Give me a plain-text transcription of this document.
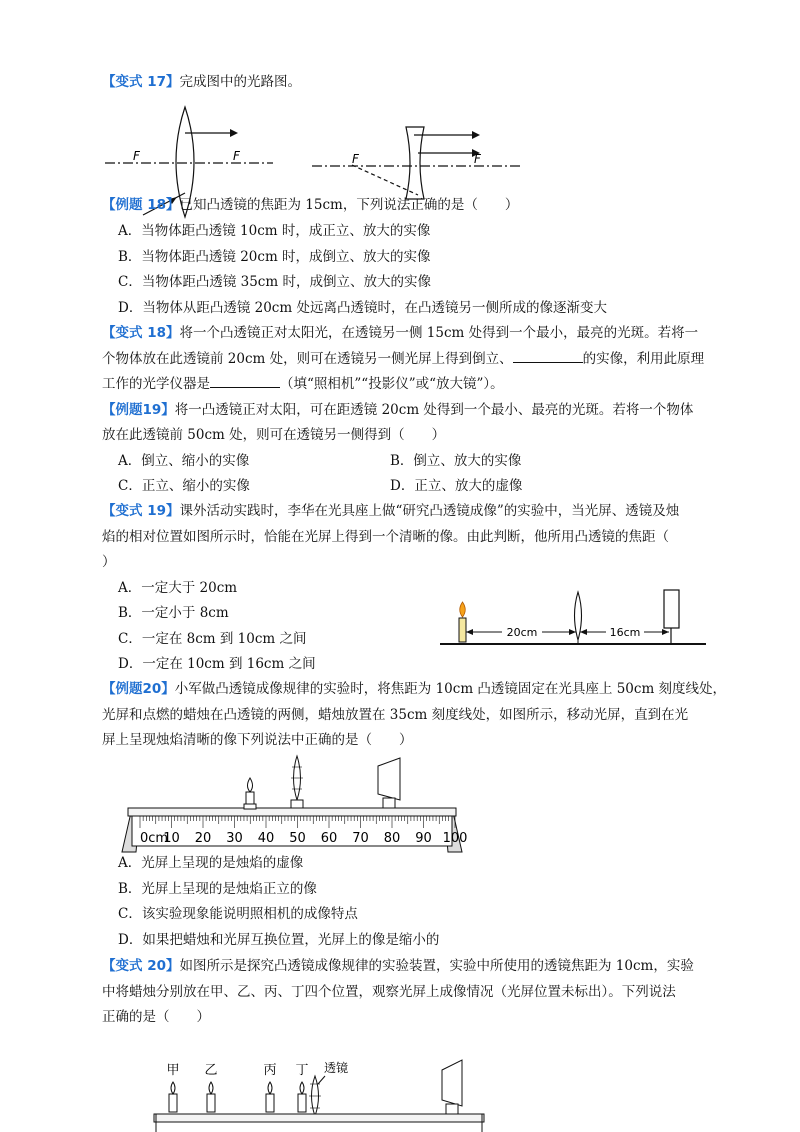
【变式 17】完成图中的光路图。
F	F	F	F
【例题 18】已知凸透镜的焦距为 15cm，下列说法正确的是（　　）
A．当物体距凸透镜 10cm 时，成正立、放大的实像
B．当物体距凸透镜 20cm 时，成倒立、放大的实像
C．当物体距凸透镜 35cm 时，成倒立、放大的实像
D．当物体从距凸透镜 20cm 处远离凸透镜时，在凸透镜另一侧所成的像逐渐变大
【变式 18】将一个凸透镜正对太阳光，在透镜另一侧 15cm 处得到一个最小，最亮的光斑。若将一
个物体放在此透镜前 20cm 处，则可在透镜另一侧光屏上得到倒立、	的实像，利用此原理
工作的光学仪器是	（填“照相机”“投影仪”或“放大镜”）。
【例题19】将一凸透镜正对太阳，可在距透镜 20cm 处得到一个最小、最亮的光斑。若将一个物体
放在此透镜前 50cm 处，则可在透镜另一侧得到（　　）
A．倒立、缩小的实像	B．倒立、放大的实像
C．正立、缩小的实像	D．正立、放大的虚像
【变式 19】课外活动实践时，李华在光具座上做“研究凸透镜成像”的实验中，当光屏、透镜及烛
焰的相对位置如图所示时，恰能在光屏上得到一个清晰的像。由此判断，他所用凸透镜的焦距（
）
A．一定大于 20cm
B．一定小于 8cm
C．一定在 8cm 到 10cm 之间
D．一定在 10cm 到 16cm 之间
20cm	16cm
【例题20】小军做凸透镜成像规律的实验时，将焦距为 10cm 凸透镜固定在光具座上 50cm 刻度线处，
光屏和点燃的蜡烛在凸透镜的两侧，蜡烛放置在 35cm 刻度线处，如图所示，移动光屏，直到在光
屏上呈现烛焰清晰的像下列说法中正确的是（　　）
0cm
10 20 30 40 50 60 70 80 90 100
A．光屏上呈现的是烛焰的虚像
B．光屏上呈现的是烛焰正立的像
C．该实验现象能说明照相机的成像特点
D．如果把蜡烛和光屏互换位置，光屏上的像是缩小的
【变式 20】如图所示是探究凸透镜成像规律的实验装置，实验中所使用的透镜焦距为 10cm，实验
中将蜡烛分别放在甲、乙、丙、丁四个位置，观察光屏上成像情况（光屏位置未标出）。下列说法
正确的是（　　）
甲 乙	丙 丁 透镜
